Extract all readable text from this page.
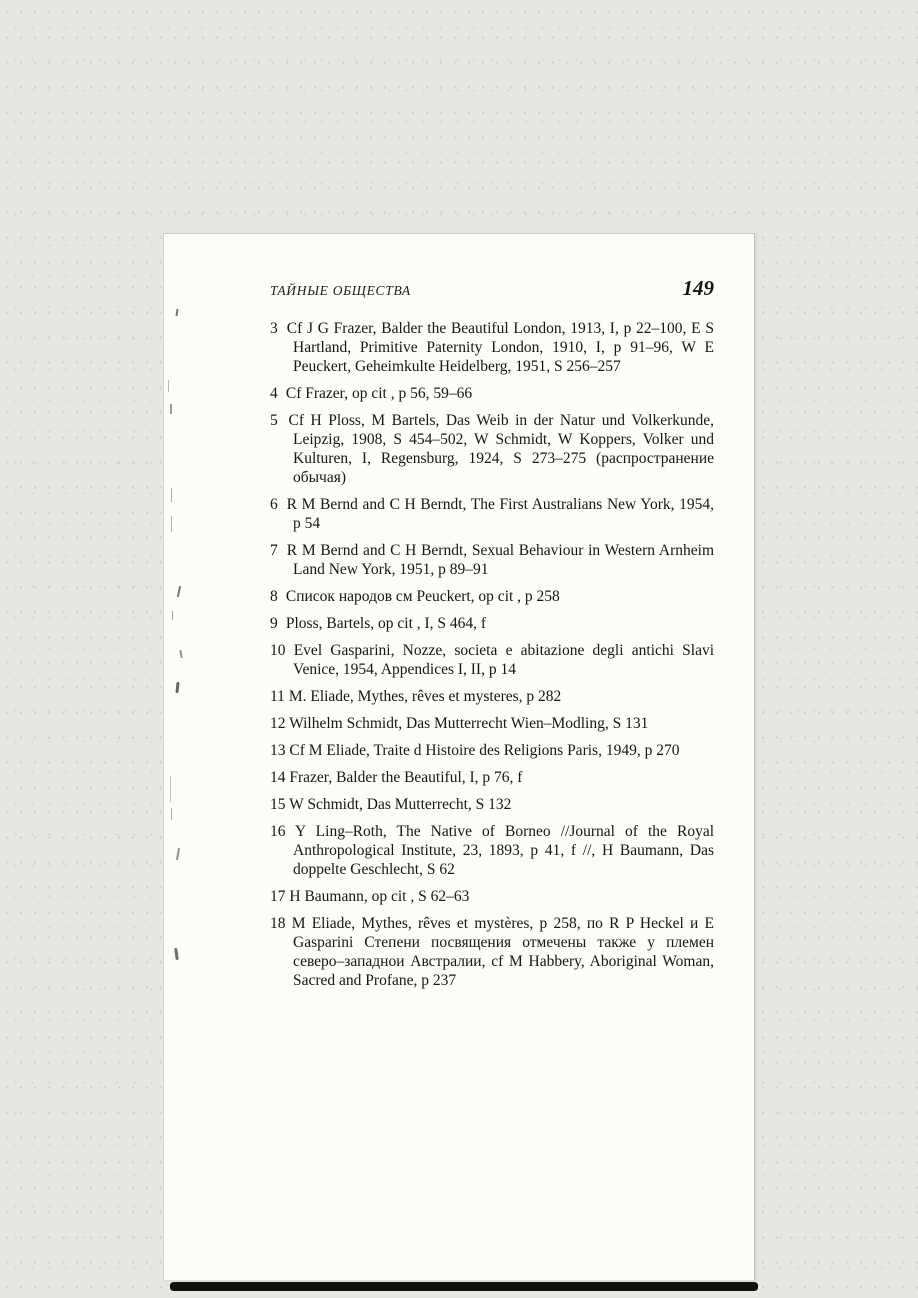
ТАЙНЫЕ ОБЩЕСТВА	149
3 Cf J G Frazer, Balder the Beautiful London, 1913, I, p 22–100, E S Hartland, Primitive Paternity London, 1910, I, p 91–96, W E Peuckert, Geheimkulte Heidelberg, 1951, S 256–257
4 Cf Frazer, op cit , p 56, 59–66
5 Cf H Ploss, M Bartels, Das Weib in der Natur und Volkerkunde, Leipzig, 1908, S 454–502, W Schmidt, W Koppers, Volker und Kulturen, I, Regensburg, 1924, S 273–275 (распространение обычая)
6 R M Bernd and C H Berndt, The First Australians New York, 1954, p 54
7 R M Bernd and C H Berndt, Sexual Behaviour in Western Arnheim Land New York, 1951, p 89–91
8 Список народов см Peuckert, op cit , p 258
9 Ploss, Bartels, op cit , I, S 464, f
10 Evel Gasparini, Nozze, societa e abitazione degli antichi Slavi Venice, 1954, Appendices I, II, p 14
11 M. Eliade, Mythes, rêves et mysteres, p 282
12 Wilhelm Schmidt, Das Mutterrecht Wien–Modling, S 131
13 Cf M Eliade, Traite d Histoire des Religions Paris, 1949, p 270
14 Frazer, Balder the Beautiful, I, p 76, f
15 W Schmidt, Das Mutterrecht, S 132
16 Y Ling–Roth, The Native of Borneo //Journal of the Royal Anthropological Institute, 23, 1893, p 41, f //, H Baumann, Das doppelte Geschlecht, S 62
17 H Baumann, op cit , S 62–63
18 M Eliade, Mythes, rêves et mystères, p 258, по R P Heckel и E Gasparini Степени посвящения отмечены также у племен северо–западнои Австралии, cf M Habbery, Aboriginal Woman, Sacred and Profane, p 237
